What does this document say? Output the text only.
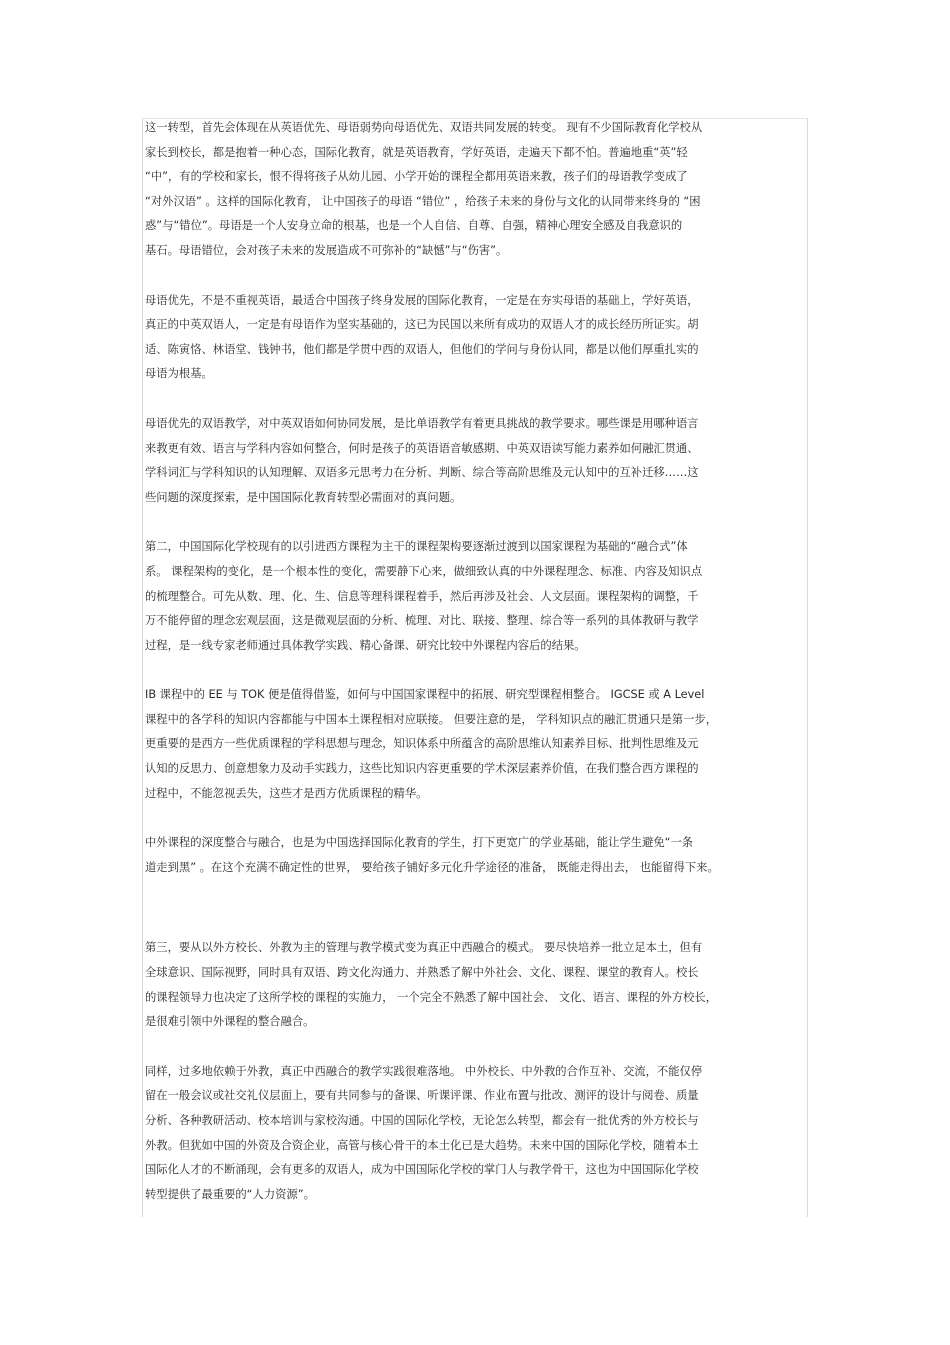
这一转型，首先会体现在从英语优先、母语弱势向母语优先、双语共同发展的转变。 现有不少国际教育化学校从
家长到校长，都是抱着一种心态，国际化教育，就是英语教育，学好英语，走遍天下都不怕。普遍地重“英”轻
“中”，有的学校和家长，恨不得将孩子从幼儿园、小学开始的课程全都用英语来教，孩子们的母语教学变成了
“对外汉语” 。这样的国际化教育， 让中国孩子的母语 “错位” ，给孩子未来的身份与文化的认同带来终身的 “困
惑”与“错位”。母语是一个人安身立命的根基，也是一个人自信、自尊、自强，精神心理安全感及自我意识的
基石。母语错位，会对孩子未来的发展造成不可弥补的“缺憾”与“伤害”。
母语优先，不是不重视英语，最适合中国孩子终身发展的国际化教育，一定是在夯实母语的基础上，学好英语，
真正的中英双语人，一定是有母语作为坚实基础的，这已为民国以来所有成功的双语人才的成长经历所证实。胡
适、陈寅恪、林语堂、钱钟书，他们都是学贯中西的双语人，但他们的学问与身份认同，都是以他们厚重扎实的
母语为根基。
母语优先的双语教学，对中英双语如何协同发展，是比单语教学有着更具挑战的教学要求。哪些课是用哪种语言
来教更有效、语言与学科内容如何整合，何时是孩子的英语语音敏感期、中英双语读写能力素养如何融汇贯通、
学科词汇与学科知识的认知理解、双语多元思考力在分析、判断、综合等高阶思维及元认知中的互补迁移……这
些问题的深度探索，是中国国际化教育转型必需面对的真问题。
第二，中国国际化学校现有的以引进西方课程为主干的课程架构要逐渐过渡到以国家课程为基础的“融合式”体
系。 课程架构的变化，是一个根本性的变化，需要静下心来，做细致认真的中外课程理念、标准、内容及知识点
的梳理整合。可先从数、理、化、生、信息等理科课程着手，然后再涉及社会、人文层面。课程架构的调整，千
万不能停留的理念宏观层面，这是微观层面的分析、梳理、对比、联接、整理、综合等一系列的具体教研与教学
过程，是一线专家老师通过具体教学实践、精心备课、研究比较中外课程内容后的结果。
IB 课程中的 EE 与 TOK 便是值得借鉴，如何与中国国家课程中的拓展、研究型课程相整合。 IGCSE 或 A Level
课程中的各学科的知识内容都能与中国本土课程相对应联接。 但要注意的是， 学科知识点的融汇贯通只是第一步，
更重要的是西方一些优质课程的学科思想与理念，知识体系中所蕴含的高阶思维认知素养目标、批判性思维及元
认知的反思力、创意想象力及动手实践力，这些比知识内容更重要的学术深层素养价值，在我们整合西方课程的
过程中，不能忽视丢失，这些才是西方优质课程的精华。
中外课程的深度整合与融合，也是为中国选择国际化教育的学生，打下更宽广的学业基础，能让学生避免“一条
道走到黑” 。在这个充满不确定性的世界， 要给孩子铺好多元化升学途径的准备， 既能走得出去， 也能留得下来。
第三，要从以外方校长、外教为主的管理与教学模式变为真正中西融合的模式。 要尽快培养一批立足本土，但有
全球意识、国际视野，同时具有双语、跨文化沟通力、并熟悉了解中外社会、文化、课程、课堂的教育人。校长
的课程领导力也决定了这所学校的课程的实施力， 一个完全不熟悉了解中国社会、 文化、语言、课程的外方校长，
是很难引领中外课程的整合融合。
同样，过多地依赖于外教，真正中西融合的教学实践很难落地。 中外校长、中外教的合作互补、交流，不能仅停
留在一般会议或社交礼仪层面上，要有共同参与的备课、听课评课、作业布置与批改、测评的设计与阅卷、质量
分析、各种教研活动、校本培训与家校沟通。中国的国际化学校，无论怎么转型，都会有一批优秀的外方校长与
外教。但犹如中国的外资及合资企业，高管与核心骨干的本土化已是大趋势。未来中国的国际化学校，随着本土
国际化人才的不断涌现，会有更多的双语人，成为中国国际化学校的掌门人与教学骨干，这也为中国国际化学校
转型提供了最重要的“人力资源”。
